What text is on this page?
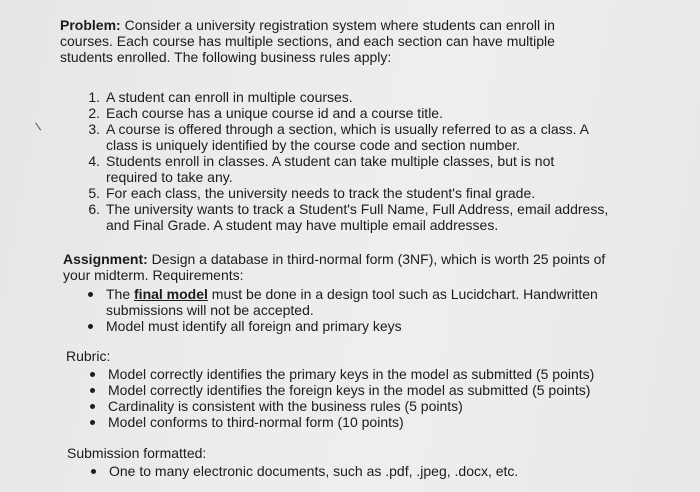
Problem: Consider a university registration system where students can enroll in courses. Each course has multiple sections, and each section can have multiple students enrolled. The following business rules apply:
1. A student can enroll in multiple courses.
2. Each course has a unique course id and a course title.
3. A course is offered through a section, which is usually referred to as a class. A class is uniquely identified by the course code and section number.
4. Students enroll in classes. A student can take multiple classes, but is not required to take any.
5. For each class, the university needs to track the student's final grade.
6. The university wants to track a Student's Full Name, Full Address, email address, and Final Grade. A student may have multiple email addresses.
Assignment: Design a database in third-normal form (3NF), which is worth 25 points of your midterm. Requirements:
The final model must be done in a design tool such as Lucidchart. Handwritten submissions will not be accepted.
Model must identify all foreign and primary keys
Rubric:
Model correctly identifies the primary keys in the model as submitted (5 points)
Model correctly identifies the foreign keys in the model as submitted (5 points)
Cardinality is consistent with the business rules (5 points)
Model conforms to third-normal form (10 points)
Submission formatted:
One to many electronic documents, such as .pdf, .jpeg, .docx, etc.
